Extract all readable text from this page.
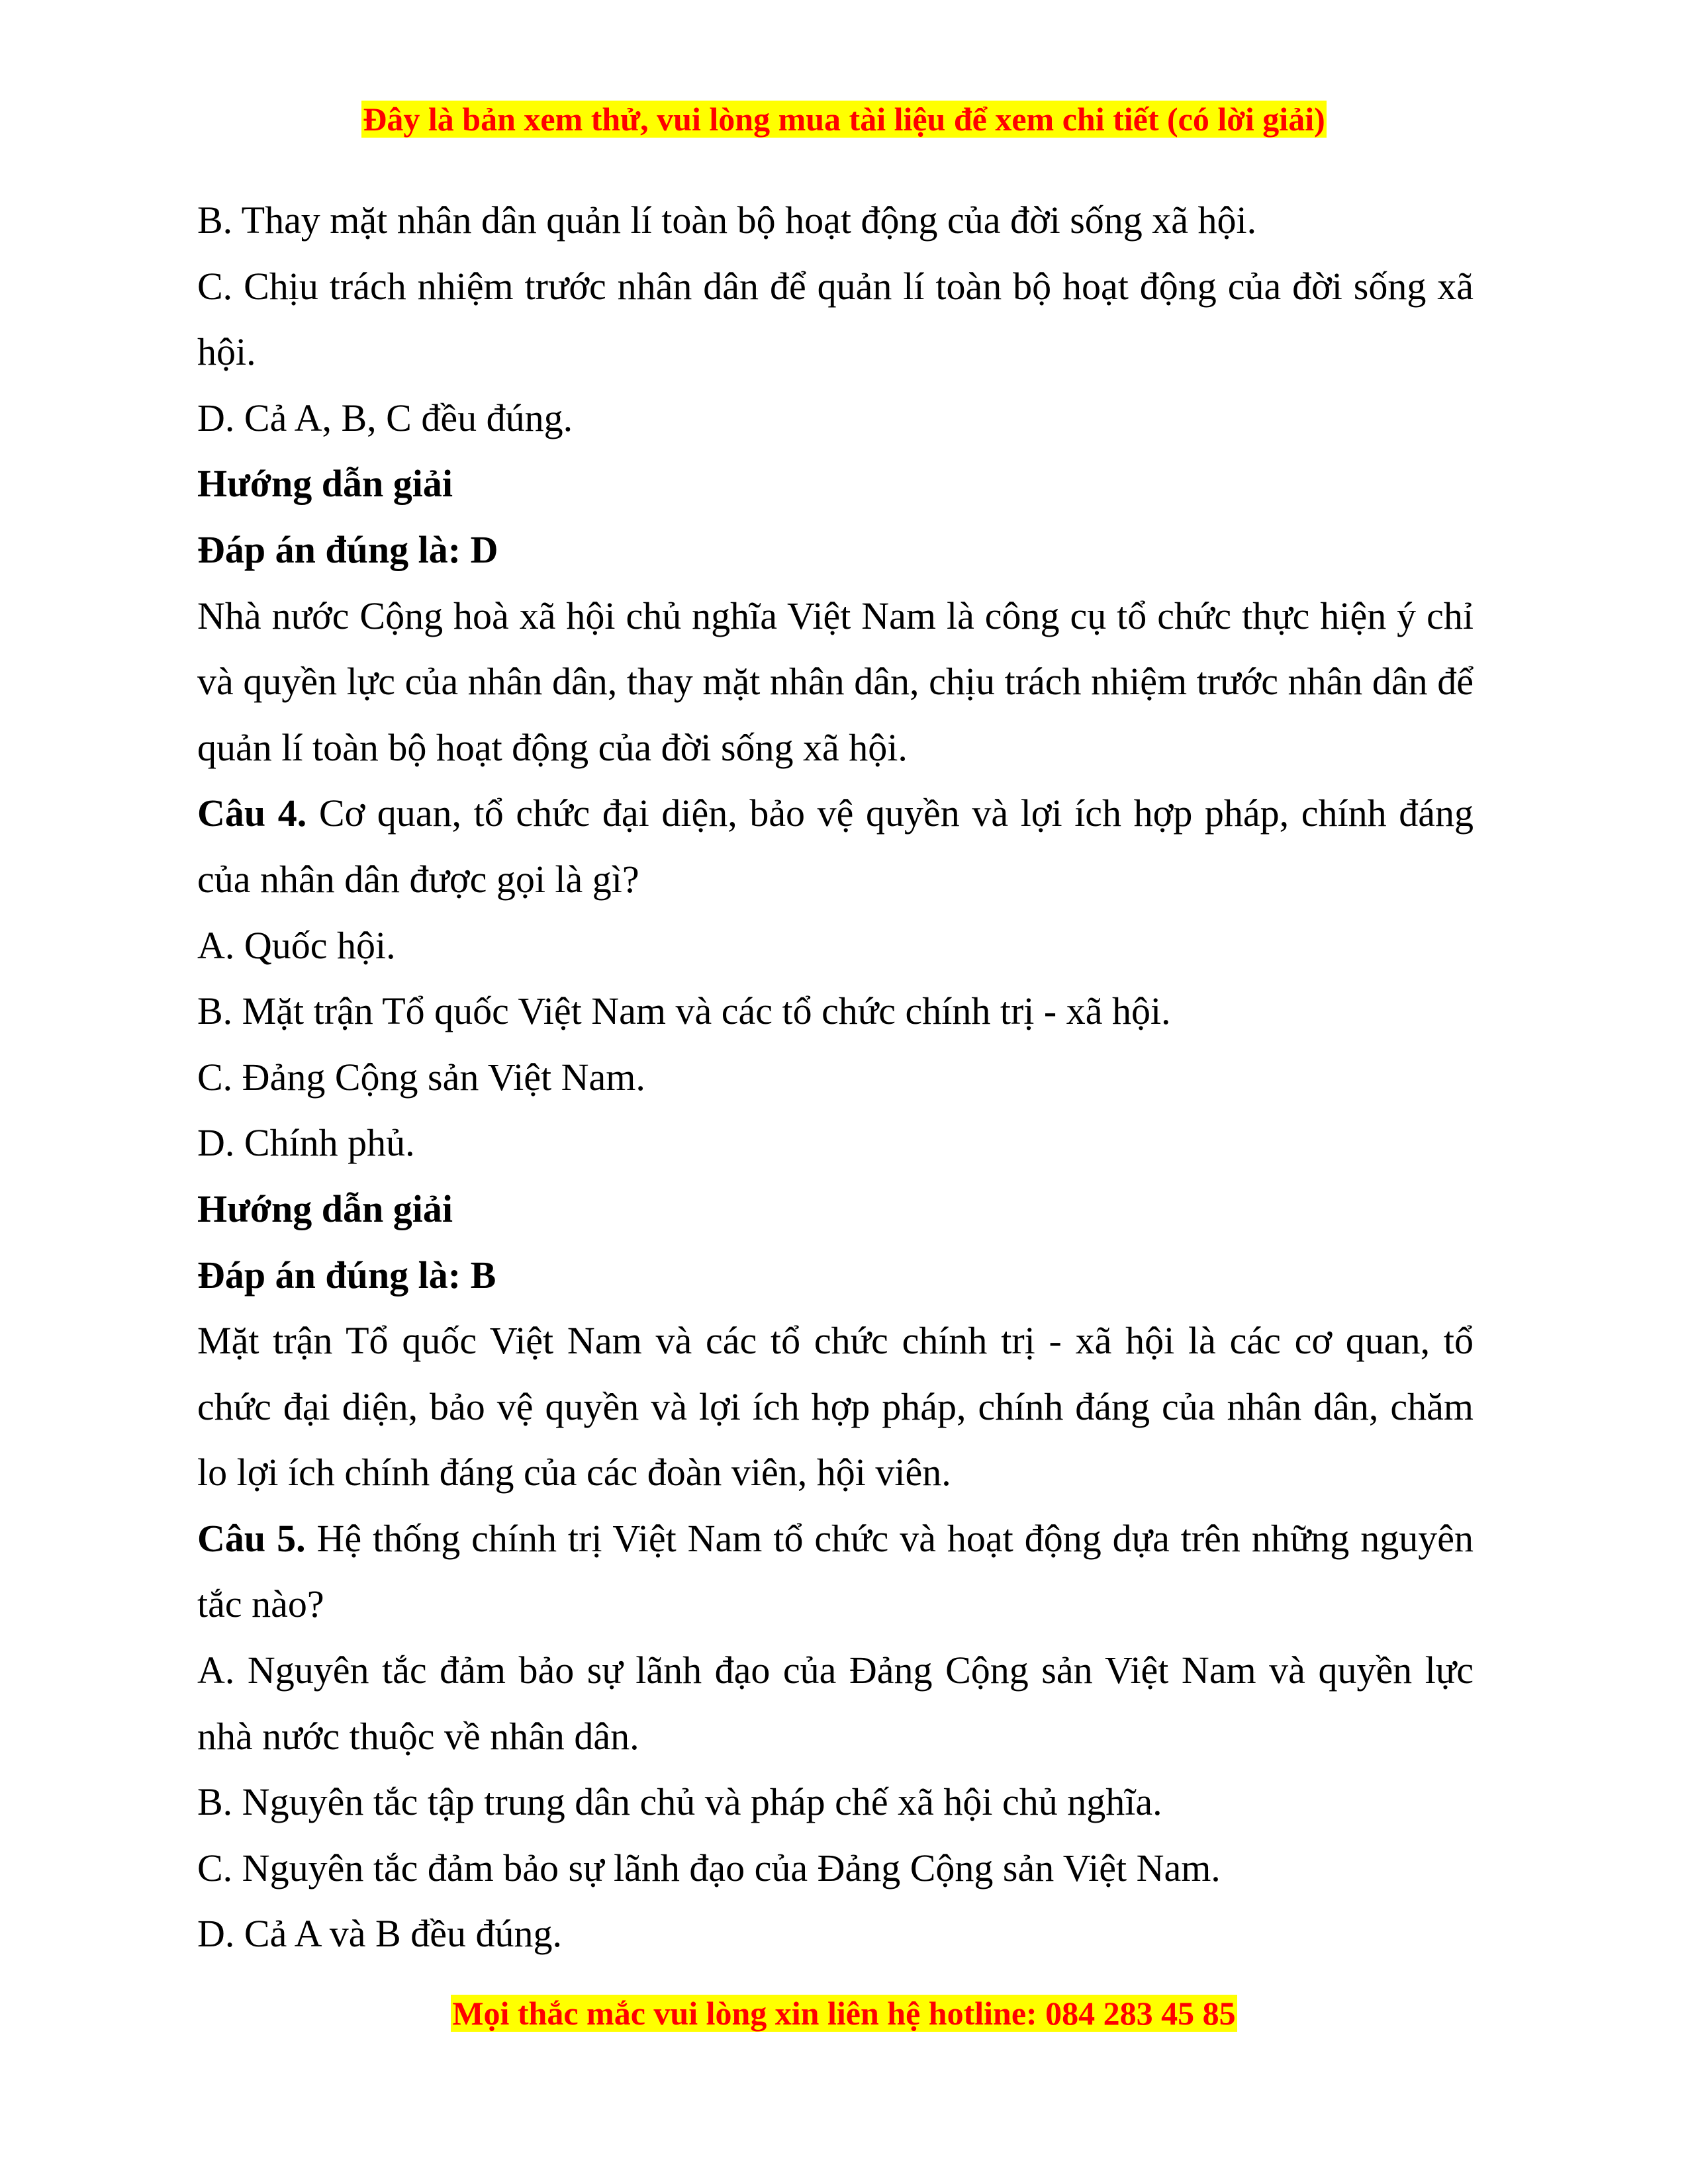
Đây là bản xem thử, vui lòng mua tài liệu để xem chi tiết (có lời giải)

B. Thay mặt nhân dân quản lí toàn bộ hoạt động của đời sống xã hội.

C. Chịu trách nhiệm trước nhân dân để quản lí toàn bộ hoạt động của đời sống xã hội.

D. Cả A, B, C đều đúng.

Hướng dẫn giải

Đáp án đúng là: D

Nhà nước Cộng hoà xã hội chủ nghĩa Việt Nam là công cụ tổ chức thực hiện ý chỉ và quyền lực của nhân dân, thay mặt nhân dân, chịu trách nhiệm trước nhân dân để quản lí toàn bộ hoạt động của đời sống xã hội.

Câu 4. Cơ quan, tổ chức đại diện, bảo vệ quyền và lợi ích hợp pháp, chính đáng của nhân dân được gọi là gì?

A. Quốc hội.

B. Mặt trận Tổ quốc Việt Nam và các tổ chức chính trị - xã hội.

C. Đảng Cộng sản Việt Nam.

D. Chính phủ.

Hướng dẫn giải

Đáp án đúng là: B

Mặt trận Tổ quốc Việt Nam và các tổ chức chính trị - xã hội là các cơ quan, tổ chức đại diện, bảo vệ quyền và lợi ích hợp pháp, chính đáng của nhân dân, chăm lo lợi ích chính đáng của các đoàn viên, hội viên.

Câu 5. Hệ thống chính trị Việt Nam tổ chức và hoạt động dựa trên những nguyên tắc nào?

A. Nguyên tắc đảm bảo sự lãnh đạo của Đảng Cộng sản Việt Nam và quyền lực nhà nước thuộc về nhân dân.

B. Nguyên tắc tập trung dân chủ và pháp chế xã hội chủ nghĩa.

C. Nguyên tắc đảm bảo sự lãnh đạo của Đảng Cộng sản Việt Nam.

D. Cả A và B đều đúng.

Mọi thắc mắc vui lòng xin liên hệ hotline: 084 283 45 85
